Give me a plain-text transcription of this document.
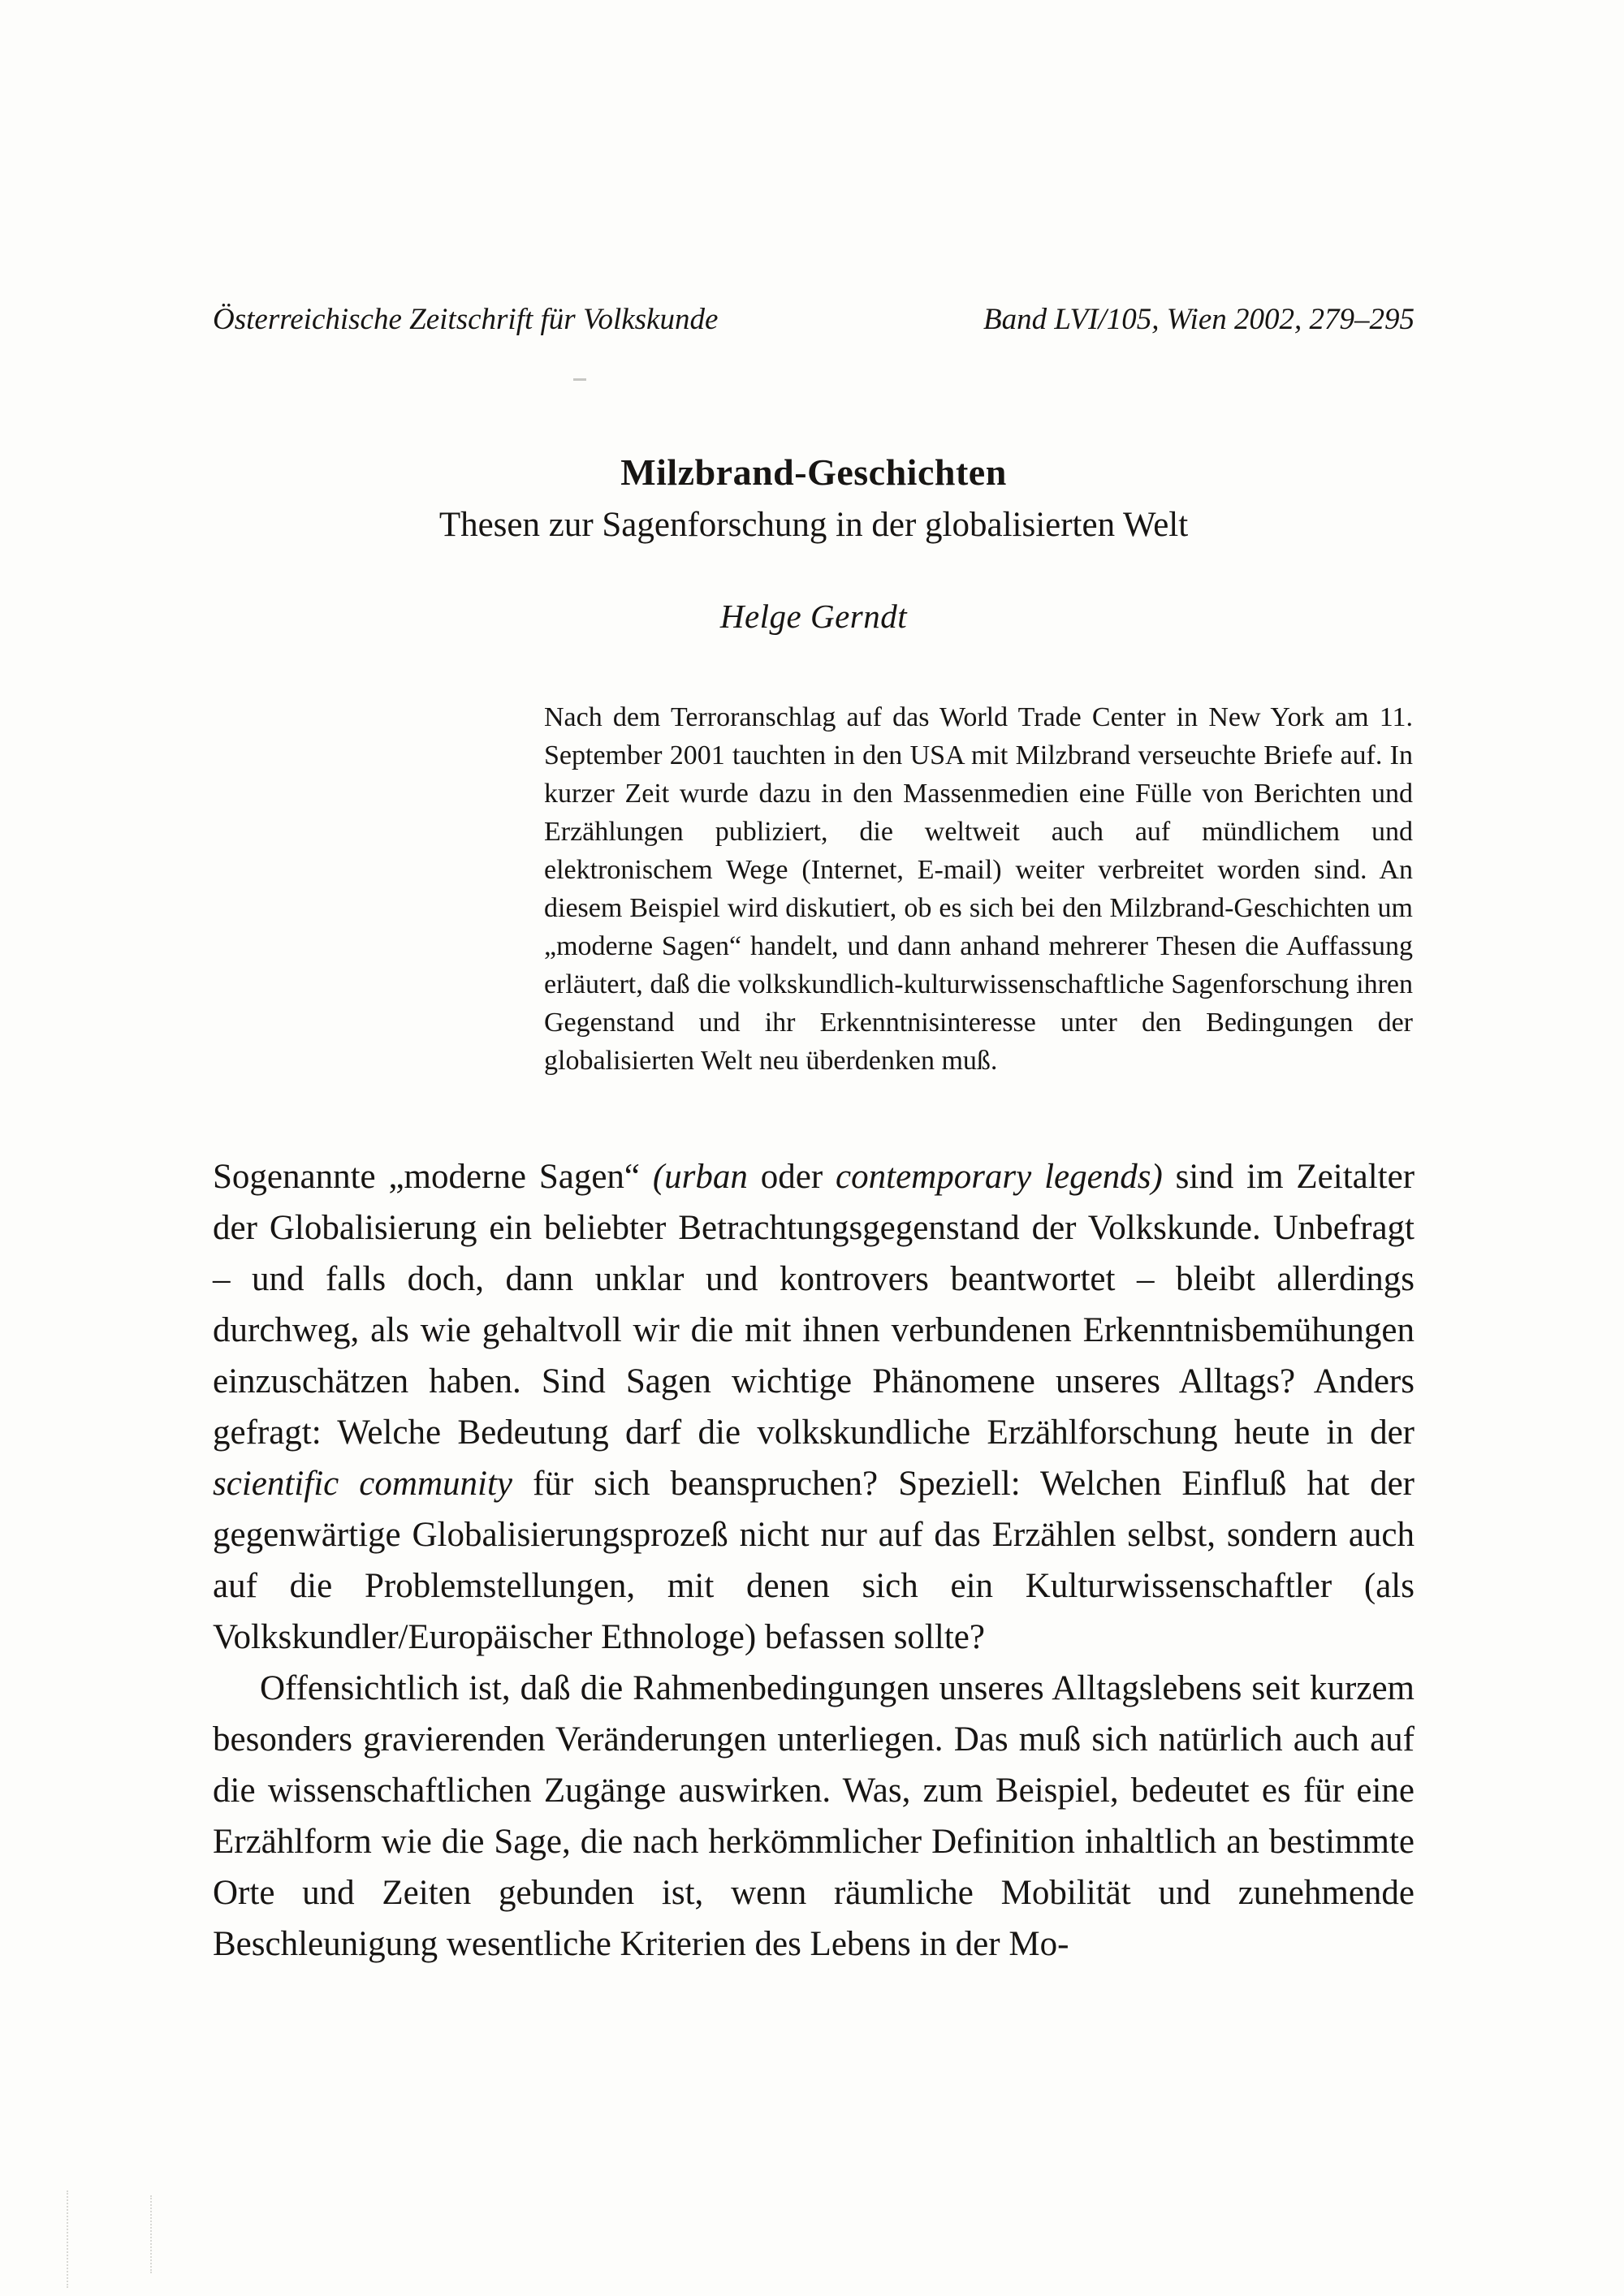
Österreichische Zeitschrift für Volkskunde	Band LVI/105, Wien 2002, 279–295
Milzbrand-Geschichten
Thesen zur Sagenforschung in der globalisierten Welt
Helge Gerndt
Nach dem Terroranschlag auf das World Trade Center in New York am 11. September 2001 tauchten in den USA mit Milzbrand verseuchte Briefe auf. In kurzer Zeit wurde dazu in den Massenmedien eine Fülle von Berichten und Erzählungen publiziert, die weltweit auch auf mündlichem und elektronischem Wege (Internet, E-mail) weiter verbreitet worden sind. An diesem Beispiel wird diskutiert, ob es sich bei den Milzbrand-Geschichten um „moderne Sagen“ handelt, und dann anhand mehrerer Thesen die Auffassung erläutert, daß die volkskundlich-kulturwissenschaftliche Sagenforschung ihren Gegenstand und ihr Erkenntnisinteresse unter den Bedingungen der globalisierten Welt neu überdenken muß.

Sogenannte „moderne Sagen“ (urban oder contemporary legends) sind im Zeitalter der Globalisierung ein beliebter Betrachtungsgegenstand der Volkskunde. Unbefragt – und falls doch, dann unklar und kontrovers beantwortet – bleibt allerdings durchweg, als wie gehaltvoll wir die mit ihnen verbundenen Erkenntnisbemühungen einzuschätzen haben. Sind Sagen wichtige Phänomene unseres Alltags? Anders gefragt: Welche Bedeutung darf die volkskundliche Erzählforschung heute in der scientific community für sich beanspruchen? Speziell: Welchen Einfluß hat der gegenwärtige Globalisierungsprozeß nicht nur auf das Erzählen selbst, sondern auch auf die Problemstellungen, mit denen sich ein Kulturwissenschaftler (als Volkskundler/Europäischer Ethnologe) befassen sollte?

Offensichtlich ist, daß die Rahmenbedingungen unseres Alltagslebens seit kurzem besonders gravierenden Veränderungen unterliegen. Das muß sich natürlich auch auf die wissenschaftlichen Zugänge auswirken. Was, zum Beispiel, bedeutet es für eine Erzählform wie die Sage, die nach herkömmlicher Definition inhaltlich an bestimmte Orte und Zeiten gebunden ist, wenn räumliche Mobilität und zunehmende Beschleunigung wesentliche Kriterien des Lebens in der Mo-
